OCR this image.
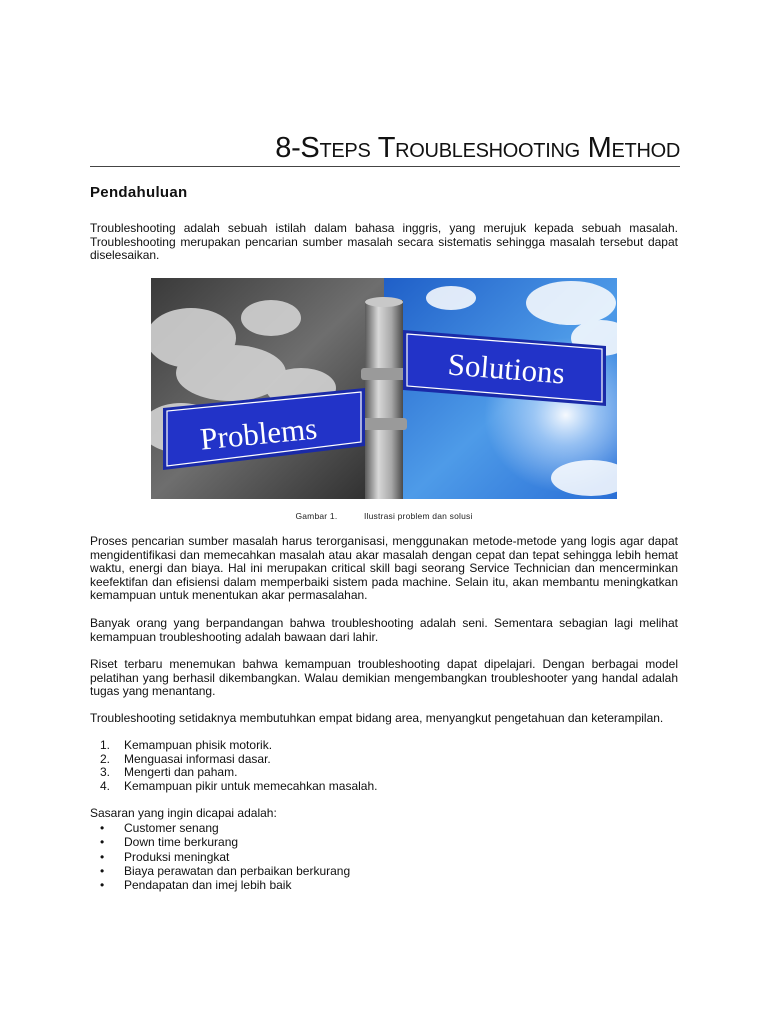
8-Steps Troubleshooting Method
Pendahuluan

Troubleshooting adalah sebuah istilah dalam bahasa inggris, yang merujuk kepada sebuah masalah. Troubleshooting merupakan pencarian sumber masalah secara sistematis sehingga masalah tersebut dapat diselesaikan.

Solutions
Problems
Gambar 1.	Ilustrasi problem dan solusi

Proses pencarian sumber masalah harus terorganisasi, menggunakan metode-metode yang logis agar dapat mengidentifikasi dan memecahkan masalah atau akar masalah dengan cepat dan tepat sehingga lebih hemat waktu, energi dan biaya. Hal ini merupakan critical skill bagi seorang Service Technician dan mencerminkan keefektifan dan efisiensi dalam memperbaiki sistem pada machine. Selain itu, akan membantu meningkatkan kemampuan untuk menentukan akar permasalahan.

Banyak orang yang berpandangan bahwa troubleshooting adalah seni. Sementara sebagian lagi melihat kemampuan troubleshooting adalah bawaan dari lahir.

Riset terbaru menemukan bahwa kemampuan troubleshooting dapat dipelajari. Dengan berbagai model pelatihan yang berhasil dikembangkan. Walau demikian mengembangkan troubleshooter yang handal adalah tugas yang menantang.

Troubleshooting setidaknya membutuhkan empat bidang area, menyangkut pengetahuan dan keterampilan.

1.	Kemampuan phisik motorik.
2.	Menguasai informasi dasar.
3.	Mengerti dan paham.
4.	Kemampuan pikir untuk memecahkan masalah.

Sasaran yang ingin dicapai adalah:

•	Customer senang
•	Down time berkurang
•	Produksi meningkat
•	Biaya perawatan dan perbaikan berkurang
•	Pendapatan dan imej lebih baik
